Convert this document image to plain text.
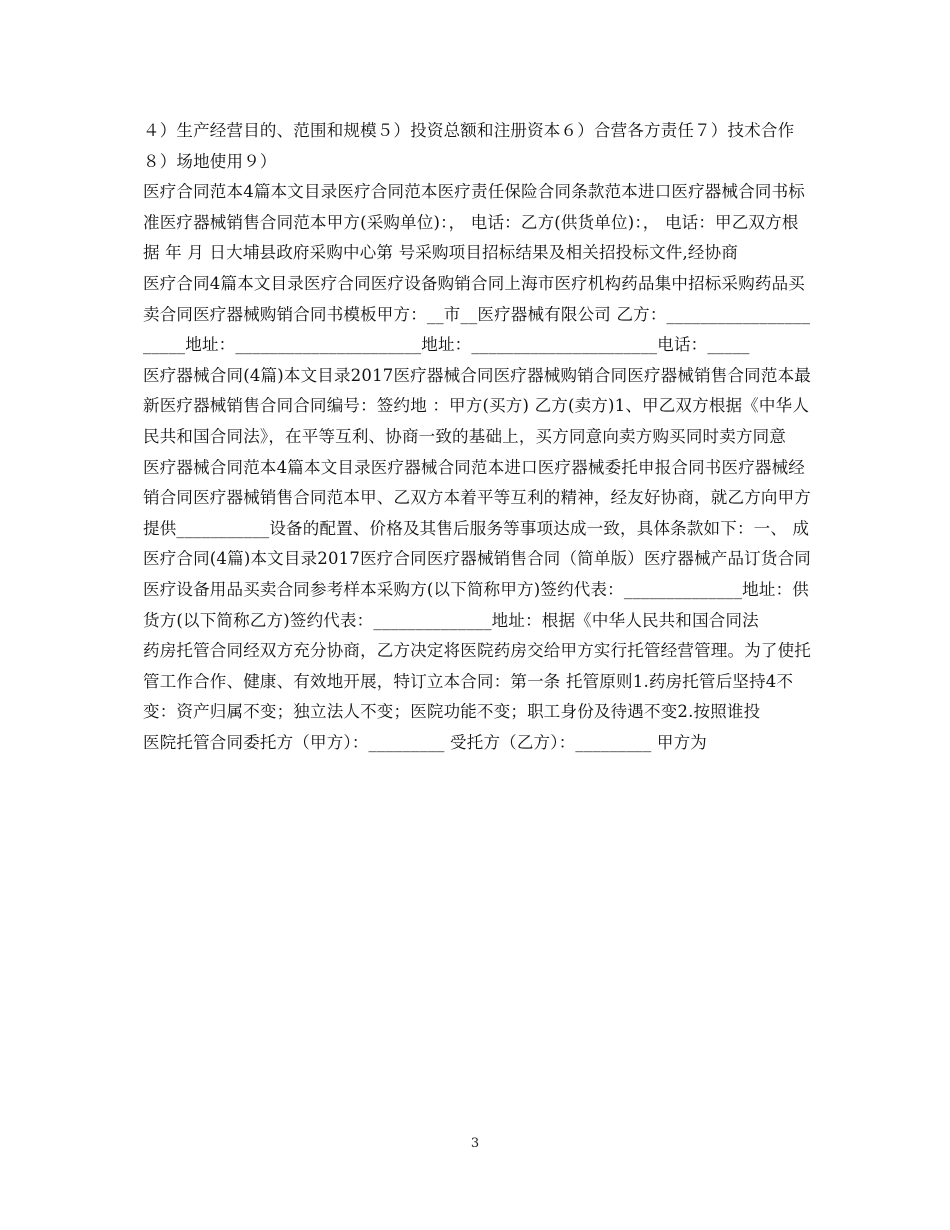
４）生产经营目的、范围和规模５）投资总额和注册资本６）合营各方责任７）技术合作８）场地使用９）

医疗合同范本4篇本文目录医疗合同范本医疗责任保险合同条款范本进口医疗器械合同书标准医疗器械销售合同范本甲方(采购单位)：， 电话：乙方(供货单位)：， 电话：甲乙双方根据 年 月 日大埔县政府采购中心第 号采购项目招标结果及相关招投标文件,经协商

医疗合同4篇本文目录医疗合同医疗设备购销合同上海市医疗机构药品集中招标采购药品买卖合同医疗器械购销合同书模板甲方：__市__医疗器械有限公司 乙方：______________________地址：______________________地址：______________________电话：_____

医疗器械合同(4篇)本文目录2017医疗器械合同医疗器械购销合同医疗器械销售合同范本最新医疗器械销售合同合同编号：签约地 ：甲方(买方) 乙方(卖方)1、甲乙双方根据《中华人民共和国合同法》，在平等互利、协商一致的基础上，买方同意向卖方购买同时卖方同意

医疗器械合同范本4篇本文目录医疗器械合同范本进口医疗器械委托申报合同书医疗器械经销合同医疗器械销售合同范本甲、乙双方本着平等互利的精神，经友好协商，就乙方向甲方提供___________设备的配置、价格及其售后服务等事项达成一致，具体条款如下：一、 成

医疗合同(4篇)本文目录2017医疗合同医疗器械销售合同（简单版）医疗器械产品订货合同医疗设备用品买卖合同参考样本采购方(以下简称甲方)签约代表：______________地址：供货方(以下简称乙方)签约代表：______________地址：根据《中华人民共和国合同法

药房托管合同经双方充分协商，乙方决定将医院药房交给甲方实行托管经营管理。为了使托管工作合作、健康、有效地开展，特订立本合同：第一条 托管原则1.药房托管后坚持4不变：资产归属不变；独立法人不变；医院功能不变；职工身份及待遇不变2.按照谁投

医院托管合同委托方（甲方）：_________ 受托方（乙方）：_________ 甲方为

3
